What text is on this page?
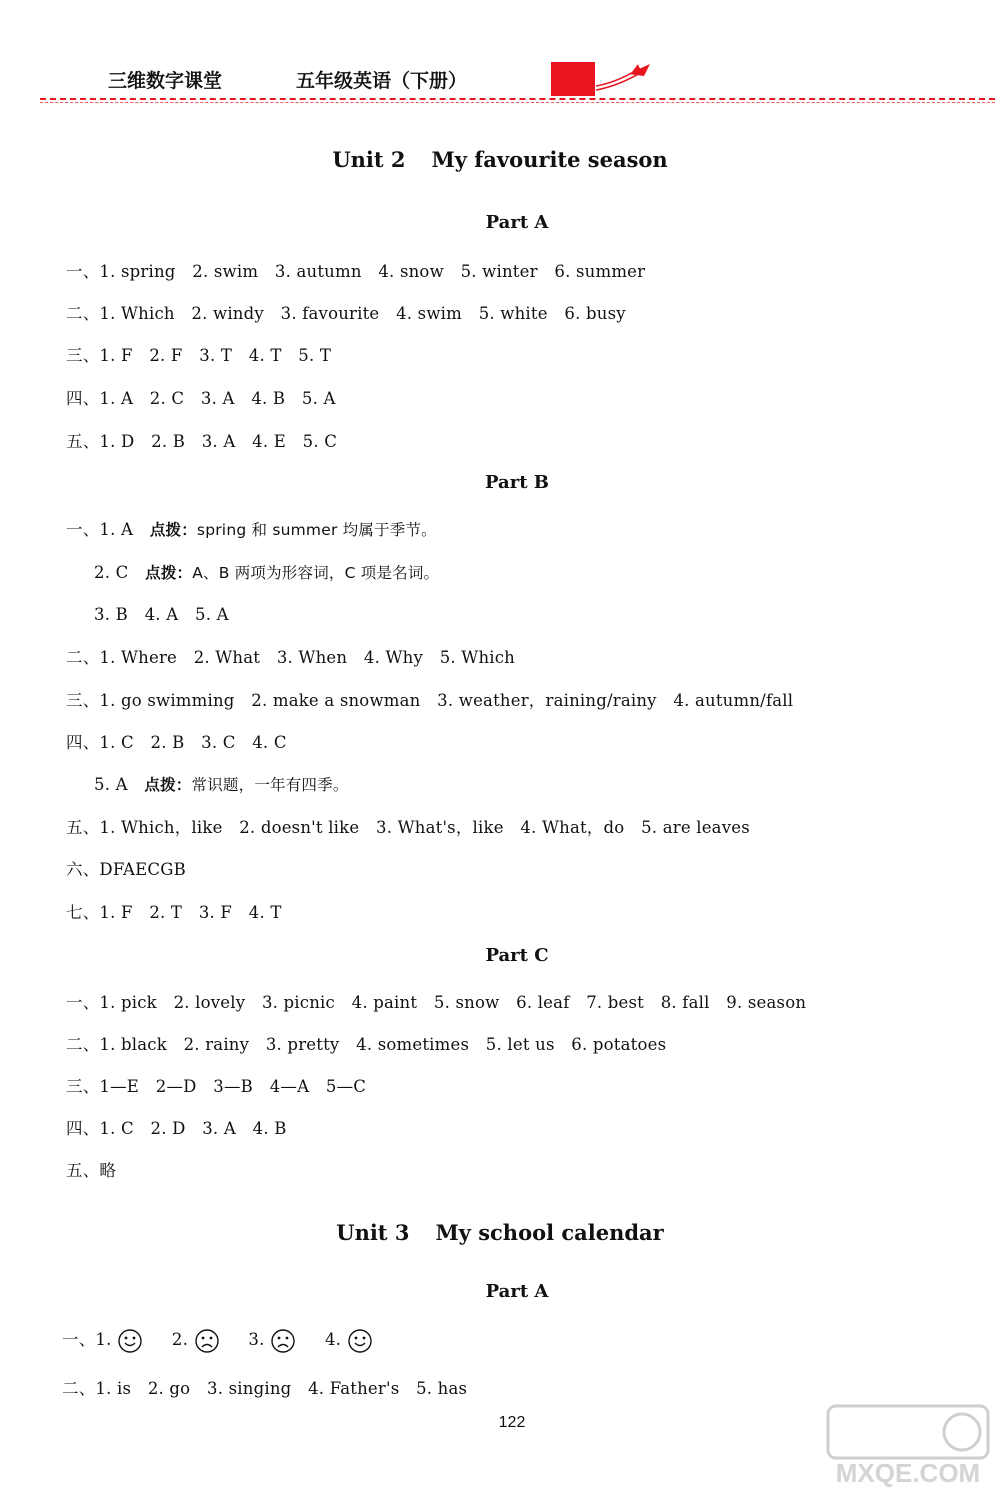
三维数字课堂	五年级英语（下册）
Unit 2 My favourite season
Part A
一、1. spring　2. swim　3. autumn　4. snow　5. winter　6. summer
二、1. Which　2. windy　3. favourite　4. swim　5. white　6. busy
三、1. F　2. F　3. T　4. T　5. T
四、1. A　2. C　3. A　4. B　5. A
五、1. D　2. B　3. A　4. E　5. C
Part B
一、1. A　点拨：spring 和 summer 均属于季节。
2. C　点拨：A、B 两项为形容词，C 项是名词。
3. B　4. A　5. A
二、1. Where　2. What　3. When　4. Why　5. Which
三、1. go swimming　2. make a snowman　3. weather，raining/rainy　4. autumn/fall
四、1. C　2. B　3. C　4. C
5. A　点拨：常识题，一年有四季。
五、1. Which，like　2. doesn't like　3. What's，like　4. What，do　5. are leaves
六、DFAECGB
七、1. F　2. T　3. F　4. T
Part C
一、1. pick　2. lovely　3. picnic　4. paint　5. snow　6. leaf　7. best　8. fall　9. season
二、1. black　2. rainy　3. pretty　4. sometimes　5. let us　6. potatoes
三、1—E　2—D　3—B　4—A　5—C
四、1. C　2. D　3. A　4. B
五、略
Unit 3 My school calendar
Part A
一、1.	2.	3.	4.
二、1. is　2. go　3. singing　4. Father's　5. has
122
MXQE.COM
